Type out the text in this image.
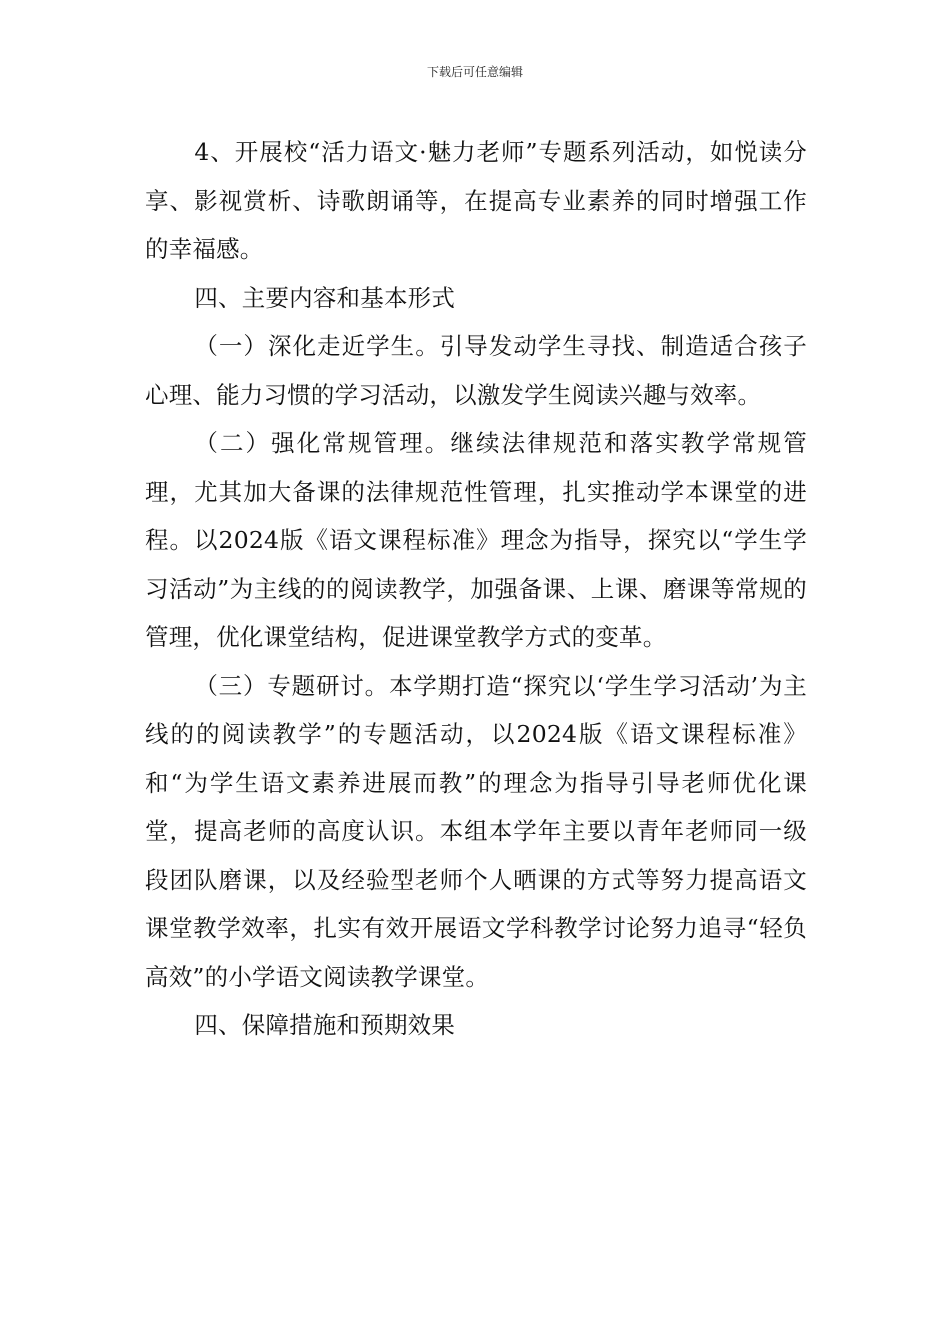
下载后可任意编辑

4、开展校“活力语文·魅力老师”专题系列活动，如悦读分享、影视赏析、诗歌朗诵等，在提高专业素养的同时增强工作的幸福感。

四、主要内容和基本形式

（一）深化走近学生。引导发动学生寻找、制造适合孩子心理、能力习惯的学习活动，以激发学生阅读兴趣与效率。

（二）强化常规管理。继续法律规范和落实教学常规管理，尤其加大备课的法律规范性管理，扎实推动学本课堂的进程。以2024版《语文课程标准》理念为指导，探究以“学生学习活动”为主线的的阅读教学，加强备课、上课、磨课等常规的管理，优化课堂结构，促进课堂教学方式的变革。

（三）专题研讨。本学期打造“探究以‘学生学习活动’为主线的的阅读教学”的专题活动，以2024版《语文课程标准》和“为学生语文素养进展而教”的理念为指导引导老师优化课堂，提高老师的高度认识。本组本学年主要以青年老师同一级段团队磨课，以及经验型老师个人晒课的方式等努力提高语文课堂教学效率，扎实有效开展语文学科教学讨论努力追寻“轻负高效”的小学语文阅读教学课堂。

四、保障措施和预期效果
